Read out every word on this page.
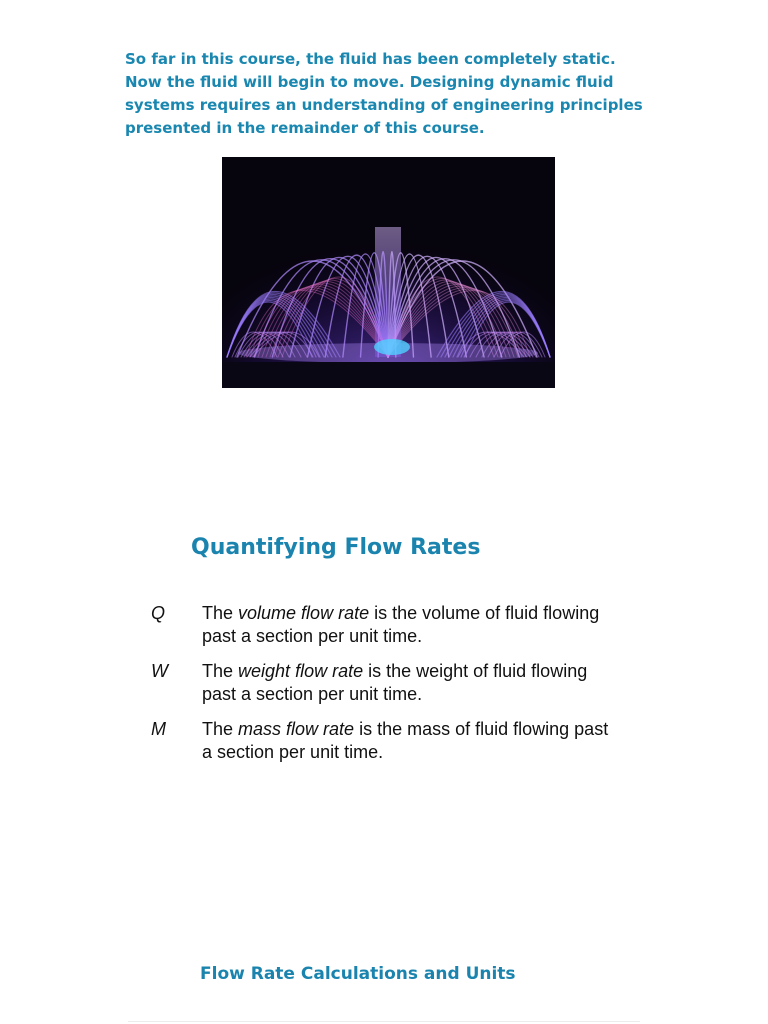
So far in this course, the fluid has been completely static. Now the fluid will begin to move. Designing dynamic fluid systems requires an understanding of engineering principles presented in the remainder of this course.

Quantifying Flow Rates
Q The volume flow rate is the volume of fluid flowing past a section per unit time.
W The weight flow rate is the weight of fluid flowing past a section per unit time.
M The mass flow rate is the mass of fluid flowing past a section per unit time.
Flow Rate Calculations and Units
